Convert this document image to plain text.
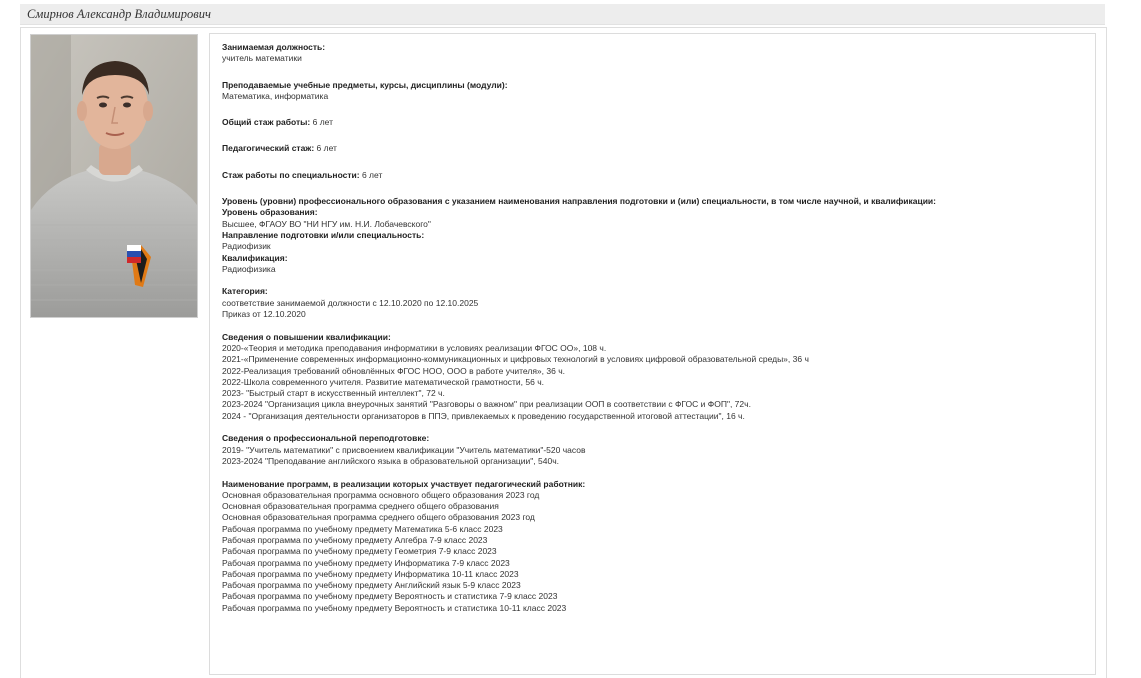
Смирнов Александр Владимирович
Занимаемая должность:
учитель математики
Преподаваемые учебные предметы, курсы, дисциплины (модули):
Математика, информатика
Общий стаж работы: 6 лет
Педагогический стаж: 6 лет
Стаж работы по специальности: 6 лет
Уровень (уровни) профессионального образования с указанием наименования направления подготовки и (или) специальности, в том числе научной, и квалификации:
Уровень образования:
Высшее, ФГАОУ ВО "НИ НГУ им. Н.И. Лобачевского"
Направление подготовки и/или специальность:
Радиофизик
Квалификация:
Радиофизика
Категория:
соответствие занимаемой должности с 12.10.2020 по 12.10.2025
Приказ от 12.10.2020
Сведения о повышении квалификации:
2020-«Теория и методика преподавания информатики в условиях реализации ФГОС ОО», 108 ч.
2021-«Применение современных информационно-коммуникационных и цифровых технологий в условиях цифровой образовательной среды», 36 ч
2022-Реализация требований обновлённых ФГОС НОО, ООО в работе учителя», 36 ч.
2022-Школа современного учителя. Развитие математической грамотности, 56 ч.
2023- "Быстрый старт в искусственный интеллект", 72 ч.
2023-2024 "Организация цикла внеурочных занятий "Разговоры о важном" при реализации ООП в соответствии с ФГОС и ФОП", 72ч.
2024 - "Организация деятельности организаторов в ППЭ, привлекаемых к проведению государственной итоговой аттестации", 16 ч.
Сведения о профессиональной переподготовке:
2019- "Учитель математики" с присвоением квалификации "Учитель математики"-520 часов
2023-2024 "Преподавание английского языка в образовательной организации", 540ч.
Наименование программ, в реализации которых участвует педагогический работник:
Основная образовательная программа основного общего образования 2023 год
Основная образовательная программа среднего общего образования
Основная образовательная программа среднего общего образования 2023 год
Рабочая программа по учебному предмету Математика 5-6 класс 2023
Рабочая программа по учебному предмету Алгебра 7-9 класс 2023
Рабочая программа по учебному предмету Геометрия 7-9 класс 2023
Рабочая программа по учебному предмету Информатика 7-9 класс 2023
Рабочая программа по учебному предмету Информатика 10-11 класс 2023
Рабочая программа по учебному предмету Английский язык 5-9 класс 2023
Рабочая программа по учебному предмету Вероятность и статистика 7-9 класс 2023
Рабочая программа по учебному предмету Вероятность и статистика 10-11 класс 2023
